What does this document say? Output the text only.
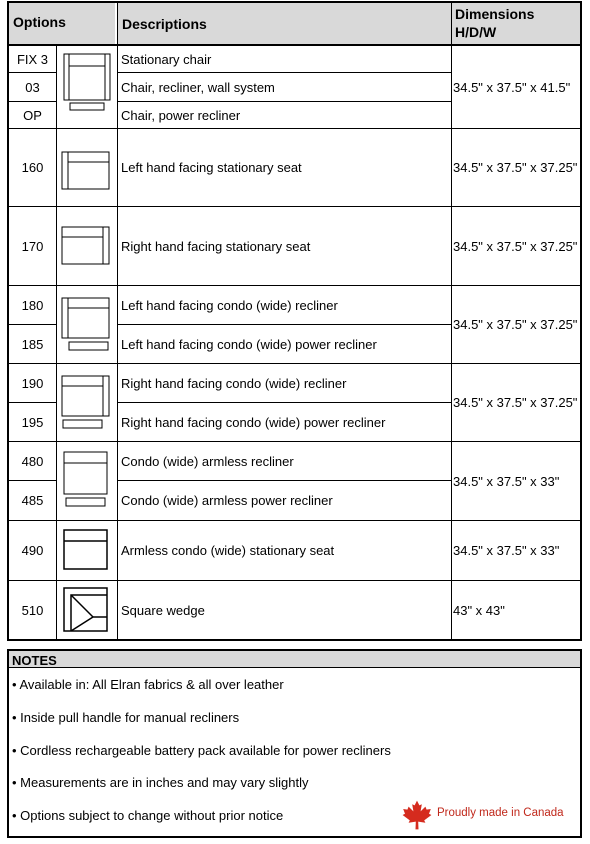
Options	Descriptions
Dimensions
H/D/W
FIX 3
03
OP
160
170
180
185
190
195
480
485
490
510
Stationary chair
Chair, recliner, wall system
Chair, power recliner
Left hand facing stationary seat
Right hand facing stationary seat
Left hand facing condo (wide) recliner
Left hand facing condo (wide) power recliner
Right hand facing condo (wide) recliner
Right hand facing condo (wide) power recliner
Condo (wide) armless recliner
Condo (wide) armless power recliner
Armless condo (wide) stationary seat
Square wedge
34.5" x 37.5" x 41.5"
34.5" x 37.5" x 37.25"
34.5" x 37.5" x 37.25"
34.5" x 37.5" x 37.25"
34.5" x 37.5" x 37.25"
34.5" x 37.5" x 33"
34.5" x 37.5" x 33"
43" x 43"
NOTES
• Available in: All Elran fabrics & all over leather
• Inside pull handle for manual recliners
• Cordless rechargeable battery pack available for power recliners
• Measurements are in inches and may vary slightly
• Options subject to change without prior notice	Proudly made in Canada
